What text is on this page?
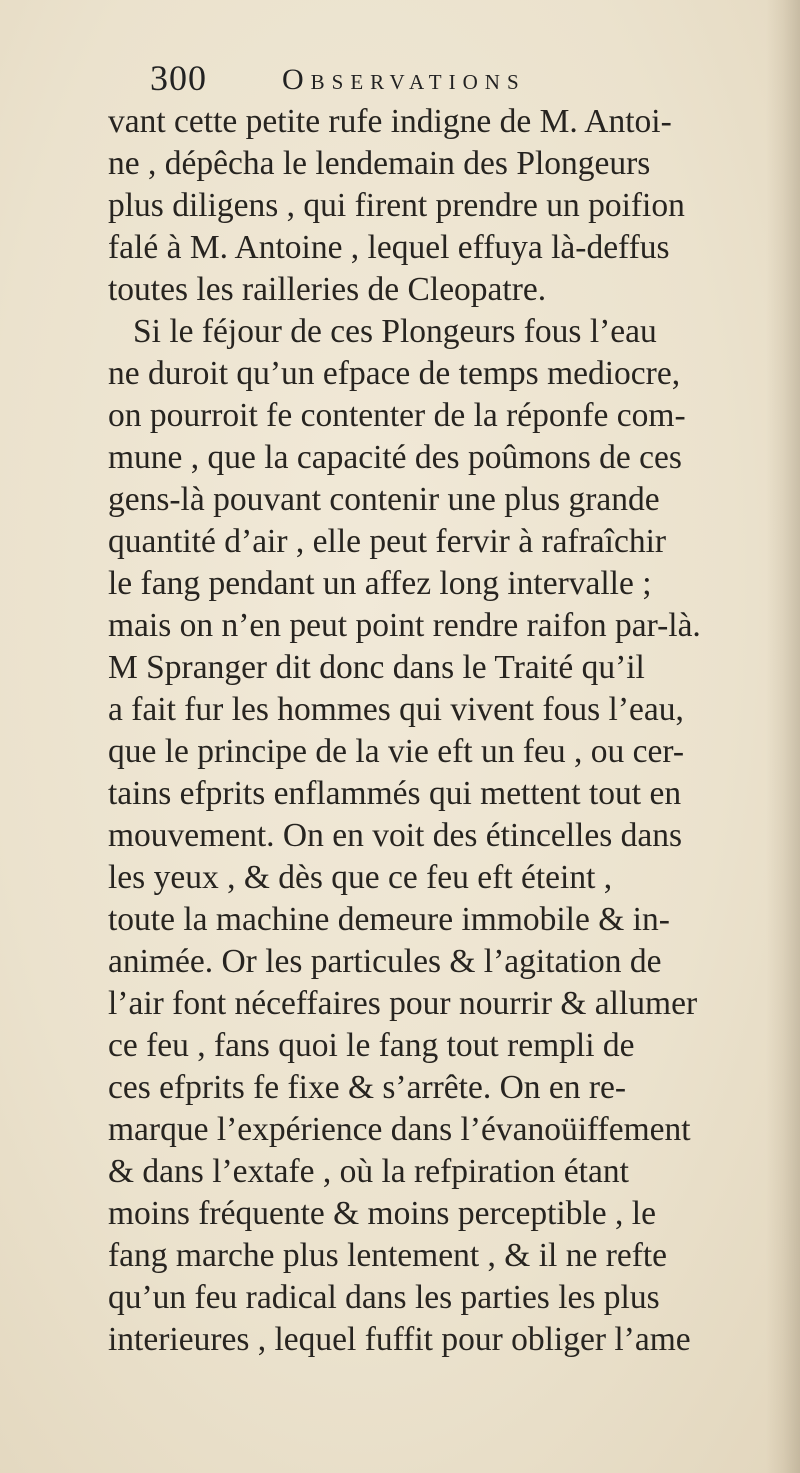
300	Observations
vant cette petite rufe indigne de M. Antoi-
ne , dépêcha le lendemain des Plongeurs
plus diligens , qui firent prendre un poifion
falé à M. Antoine , lequel effuya là-deffus
toutes les railleries de Cleopatre.
Si le féjour de ces Plongeurs fous l’eau
ne duroit qu’un efpace de temps mediocre,
on pourroit fe contenter de la réponfe com-
mune , que la capacité des poûmons de ces
gens-là pouvant contenir une plus grande
quantité d’air , elle peut fervir à rafraîchir
le fang pendant un affez long intervalle ;
mais on n’en peut point rendre raifon par-là.
M Spranger dit donc dans le Traité qu’il
a fait fur les hommes qui vivent fous l’eau,
que le principe de la vie eft un feu , ou cer-
tains efprits enflammés qui mettent tout en
mouvement. On en voit des étincelles dans
les yeux , & dès que ce feu eft éteint ,
toute la machine demeure immobile & in-
animée. Or les particules & l’agitation de
l’air font néceffaires pour nourrir & allumer
ce feu , fans quoi le fang tout rempli de
ces efprits fe fixe & s’arrête. On en re-
marque l’expérience dans l’évanoüiffement
& dans l’extafe , où la refpiration étant
moins fréquente & moins perceptible , le
fang marche plus lentement , & il ne refte
qu’un feu radical dans les parties les plus
interieures , lequel fuffit pour obliger l’ame
